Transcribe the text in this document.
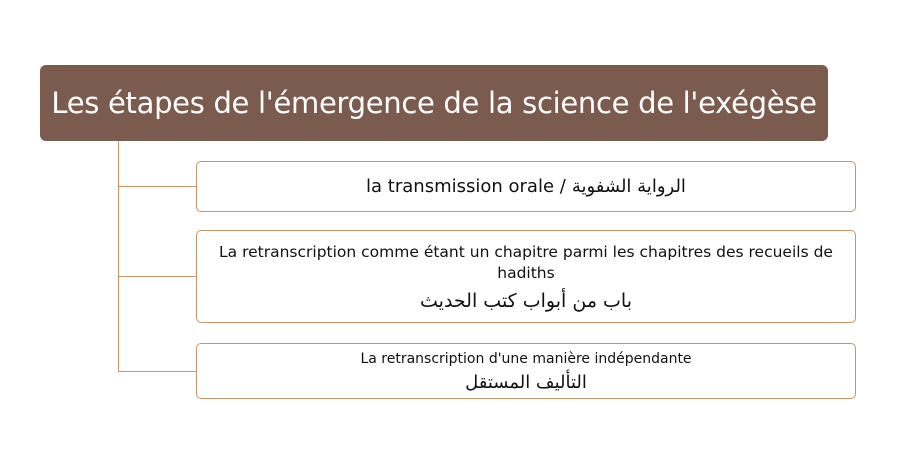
Les étapes de l'émergence de la science de l'exégèse
la transmission orale / الرواية الشفوية
La retranscription comme étant un chapitre parmi les chapitres des recueils de hadiths
باب من أبواب كتب الحديث
La retranscription d'une manière indépendante
التأليف المستقل
